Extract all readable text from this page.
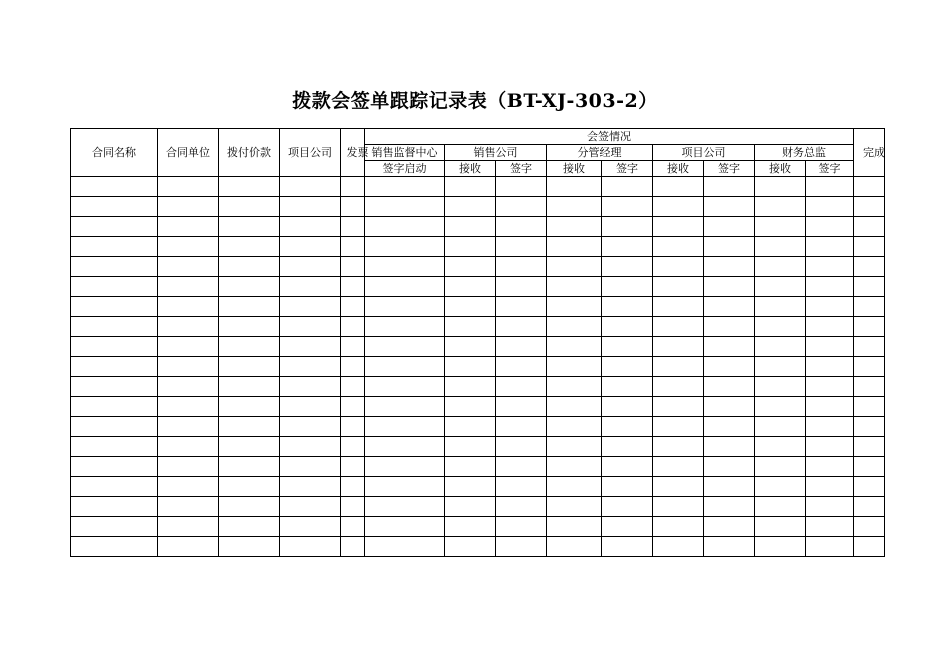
拨款会签单跟踪记录表（BT-XJ-303-2）
合同名称	合同单位	拨付价款	项目公司	发票	会签情况									完成

					销售监督中心	销售公司		分管经理		项目公司		财务总监		
					签字启动	接收	签字	接收	签字	接收	签字	接收	签字	
